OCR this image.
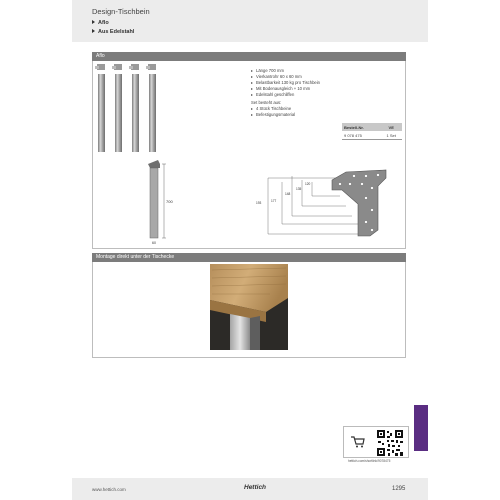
Design-Tischbein
Aflo
Aus Edelstahl
Aflo
Länge 700 mm
Vierkantrohr 60 x 60 mm
Belastbarkeit 130 kg pro Tischbein
Mit Bodenausgleich + 10 mm
Edelstahl geschliffen
Set besteht aus:
4 Stück Tischbeine
Befestigungsmaterial
Bestell-Nr.	VE
9 078 475	1 Set
700
60
120
135
148
177
193
Montage direkt unter der Tischecke
hettich.com/shortlink/9078475
www.hettich.com	Hettich	1295
